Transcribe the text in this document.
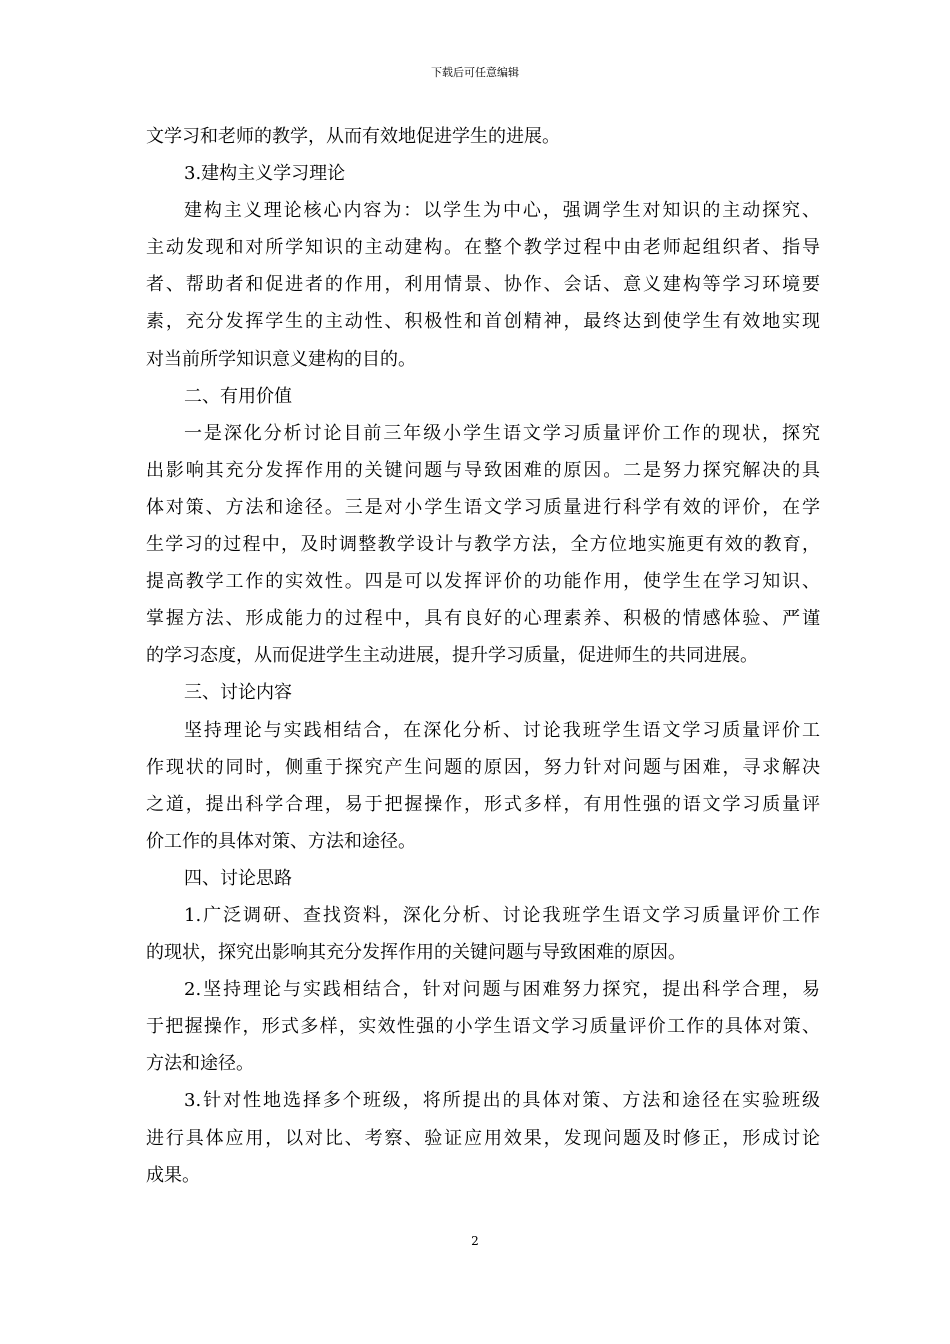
下载后可任意编辑
文学习和老师的教学，从而有效地促进学生的进展。
3.建构主义学习理论
建构主义理论核心内容为：以学生为中心，强调学生对知识的主动探究、
主动发现和对所学知识的主动建构。在整个教学过程中由老师起组织者、指导
者、帮助者和促进者的作用，利用情景、协作、会话、意义建构等学习环境要
素，充分发挥学生的主动性、积极性和首创精神，最终达到使学生有效地实现
对当前所学知识意义建构的目的。
二、有用价值
一是深化分析讨论目前三年级小学生语文学习质量评价工作的现状，探究
出影响其充分发挥作用的关键问题与导致困难的原因。二是努力探究解决的具
体对策、方法和途径。三是对小学生语文学习质量进行科学有效的评价，在学
生学习的过程中，及时调整教学设计与教学方法，全方位地实施更有效的教育，
提高教学工作的实效性。四是可以发挥评价的功能作用，使学生在学习知识、
掌握方法、形成能力的过程中，具有良好的心理素养、积极的情感体验、严谨
的学习态度，从而促进学生主动进展，提升学习质量，促进师生的共同进展。
三、讨论内容
坚持理论与实践相结合，在深化分析、讨论我班学生语文学习质量评价工
作现状的同时，侧重于探究产生问题的原因，努力针对问题与困难，寻求解决
之道，提出科学合理，易于把握操作，形式多样，有用性强的语文学习质量评
价工作的具体对策、方法和途径。
四、讨论思路
1.广泛调研、查找资料，深化分析、讨论我班学生语文学习质量评价工作
的现状，探究出影响其充分发挥作用的关键问题与导致困难的原因。
2.坚持理论与实践相结合，针对问题与困难努力探究，提出科学合理，易
于把握操作，形式多样，实效性强的小学生语文学习质量评价工作的具体对策、
方法和途径。
3.针对性地选择多个班级，将所提出的具体对策、方法和途径在实验班级
进行具体应用，以对比、考察、验证应用效果，发现问题及时修正，形成讨论
成果。
2
